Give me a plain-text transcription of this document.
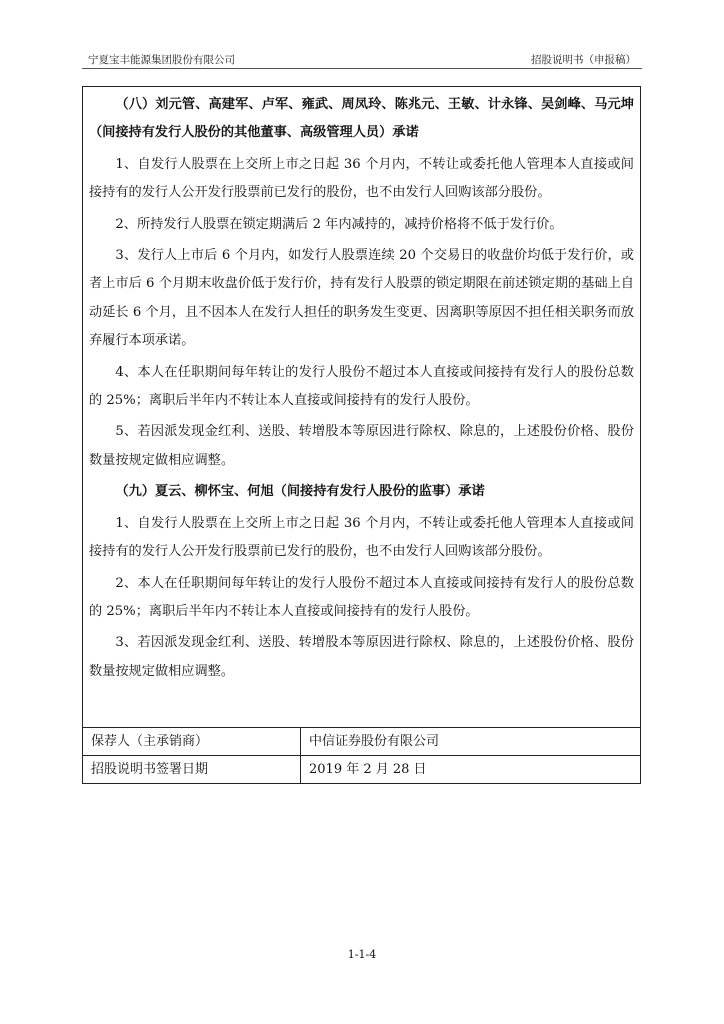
宁夏宝丰能源集团股份有限公司	招股说明书（申报稿）

（八）刘元管、高建军、卢军、雍武、周凤玲、陈兆元、王敏、计永锋、吴剑峰、马元坤（间接持有发行人股份的其他董事、高级管理人员）承诺

1、自发行人股票在上交所上市之日起 36 个月内，不转让或委托他人管理本人直接或间接持有的发行人公开发行股票前已发行的股份，也不由发行人回购该部分股份。

2、所持发行人股票在锁定期满后 2 年内减持的，减持价格将不低于发行价。

3、发行人上市后 6 个月内，如发行人股票连续 20 个交易日的收盘价均低于发行价，或者上市后 6 个月期末收盘价低于发行价，持有发行人股票的锁定期限在前述锁定期的基础上自动延长 6 个月，且不因本人在发行人担任的职务发生变更、因离职等原因不担任相关职务而放弃履行本项承诺。

4、本人在任职期间每年转让的发行人股份不超过本人直接或间接持有发行人的股份总数的 25%；离职后半年内不转让本人直接或间接持有的发行人股份。

5、若因派发现金红利、送股、转增股本等原因进行除权、除息的，上述股份价格、股份数量按规定做相应调整。

（九）夏云、柳怀宝、何旭（间接持有发行人股份的监事）承诺

1、自发行人股票在上交所上市之日起 36 个月内，不转让或委托他人管理本人直接或间接持有的发行人公开发行股票前已发行的股份，也不由发行人回购该部分股份。

2、本人在任职期间每年转让的发行人股份不超过本人直接或间接持有发行人的股份总数的 25%；离职后半年内不转让本人直接或间接持有的发行人股份。

3、若因派发现金红利、送股、转增股本等原因进行除权、除息的，上述股份价格、股份数量按规定做相应调整。

保荐人（主承销商）	中信证券股份有限公司
招股说明书签署日期	2019 年 2 月 28 日
1-1-4
